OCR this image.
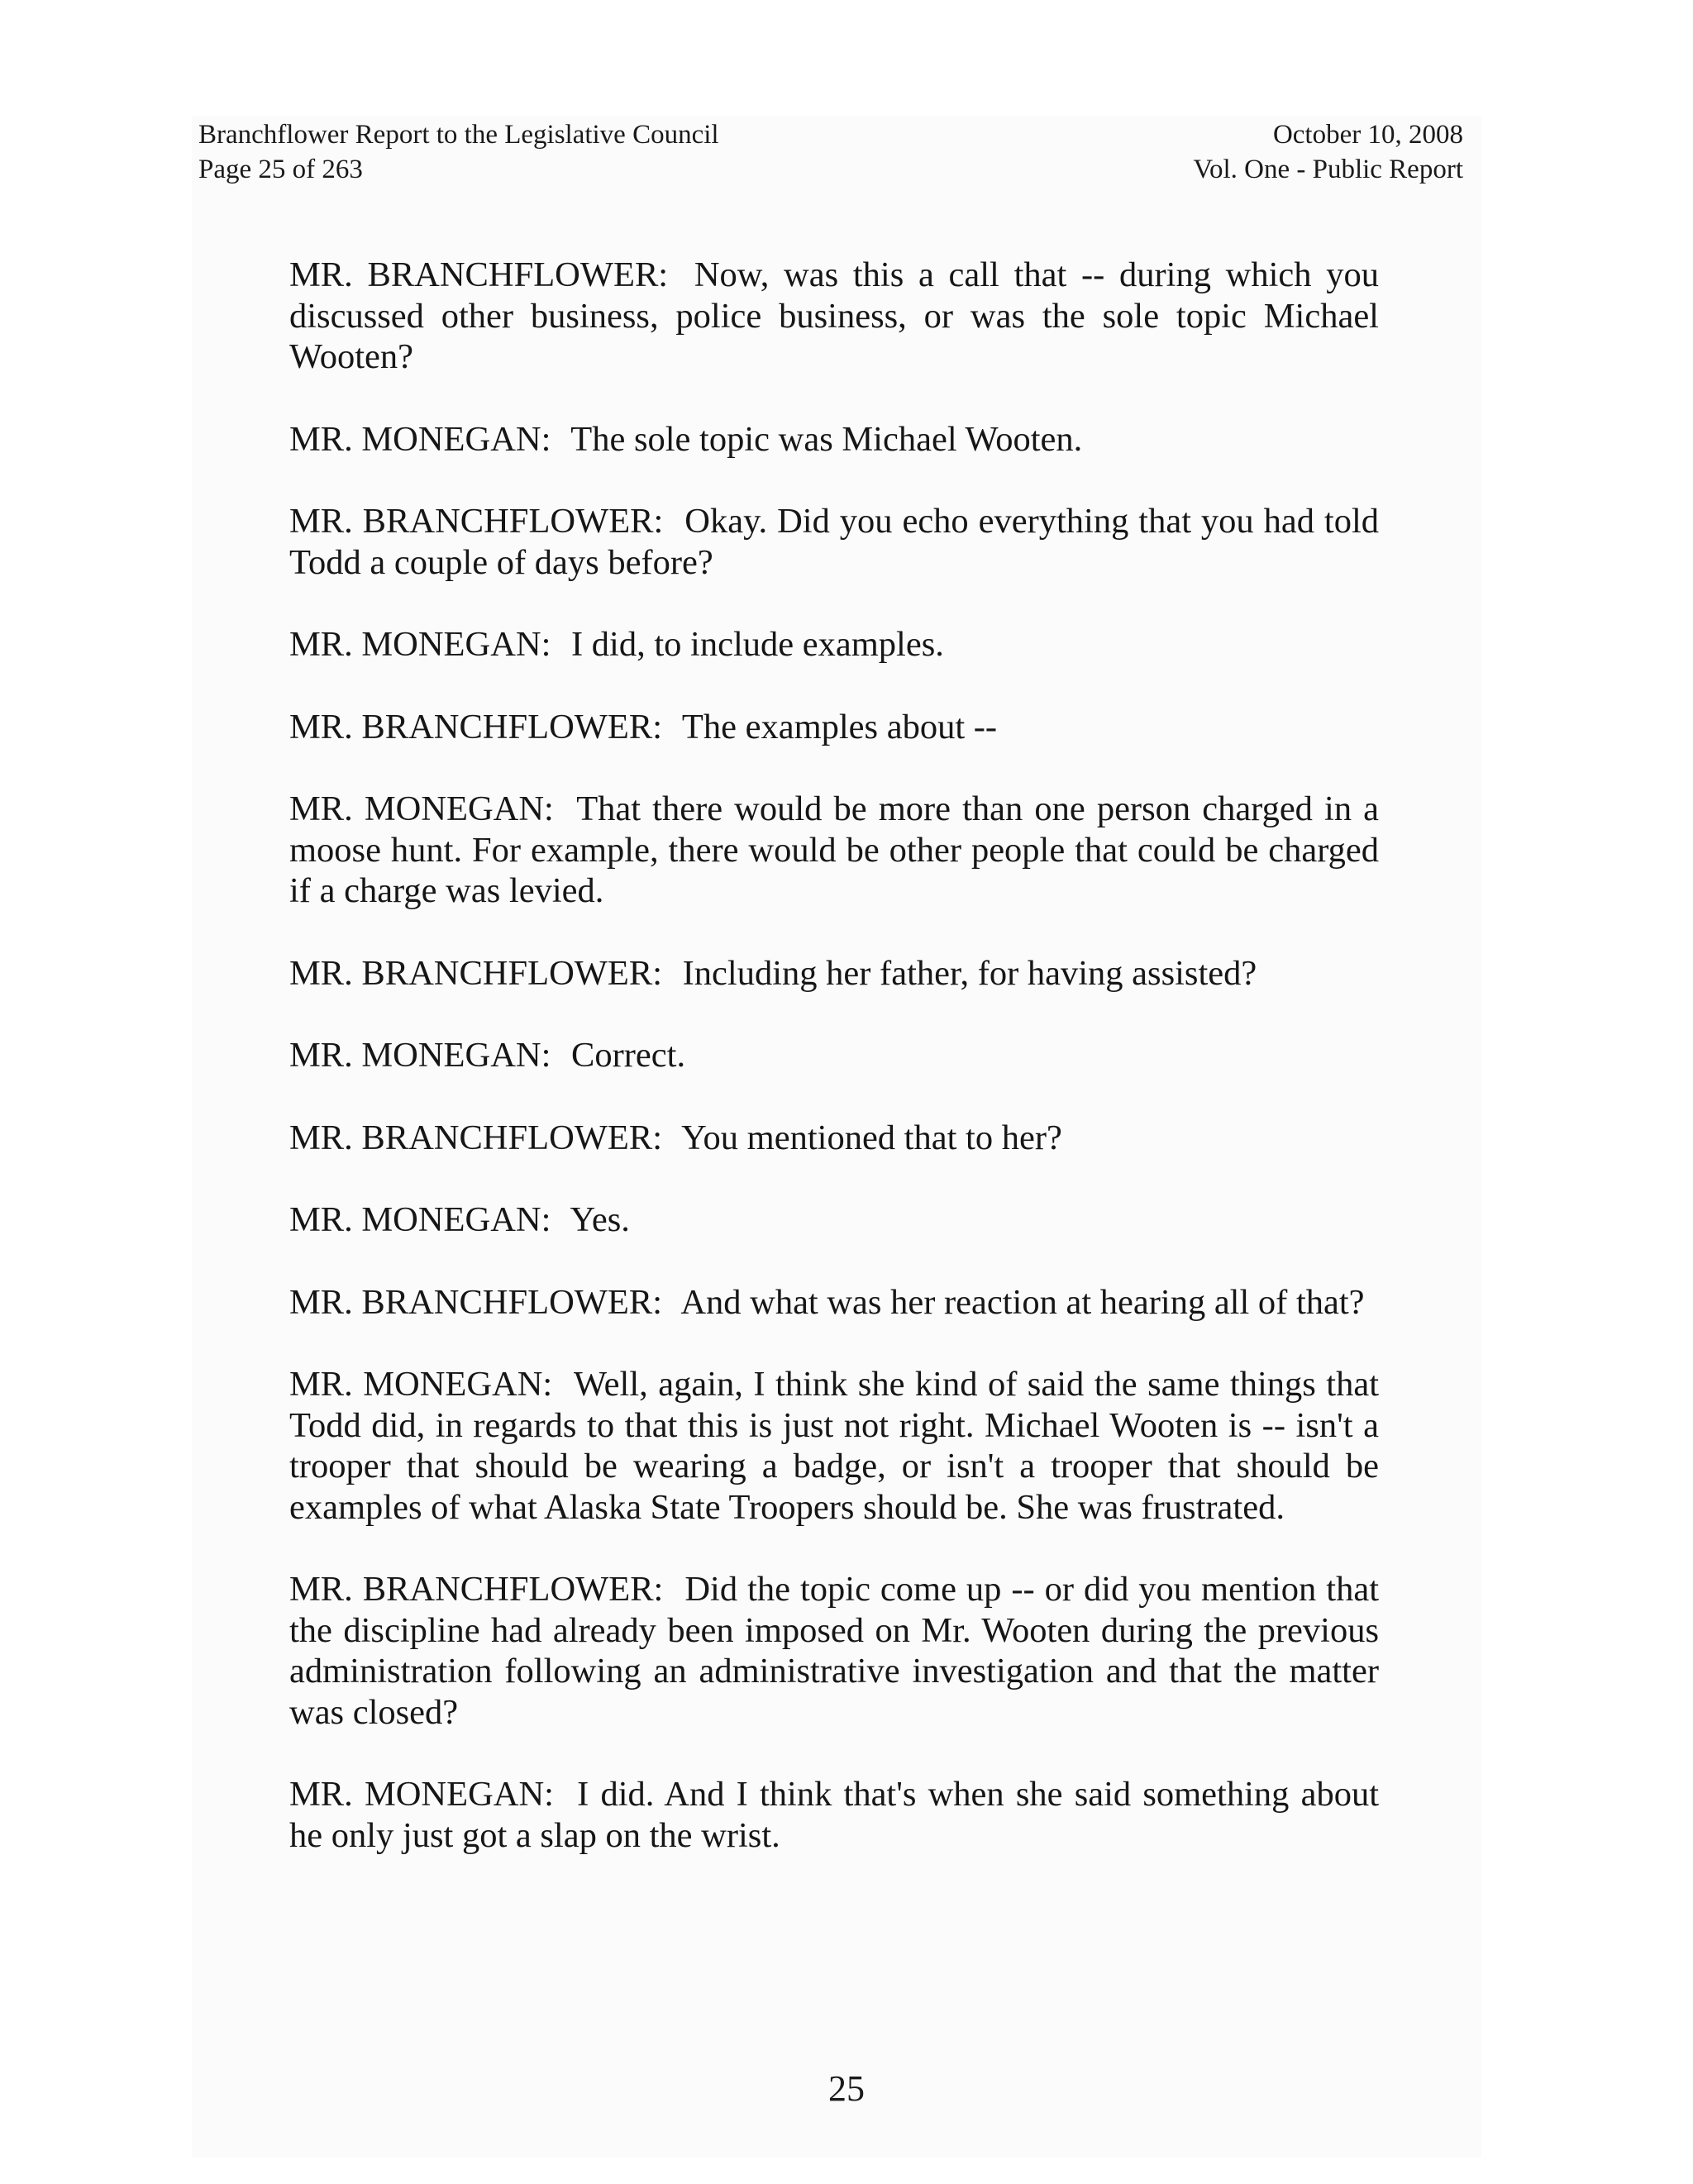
Branchflower Report to the Legislative Council
Page 25 of 263
October 10, 2008
Vol. One - Public Report

MR. BRANCHFLOWER: Now, was this a call that -- during which you discussed other business, police business, or was the sole topic Michael Wooten?

MR. MONEGAN: The sole topic was Michael Wooten.

MR. BRANCHFLOWER: Okay. Did you echo everything that you had told Todd a couple of days before?

MR. MONEGAN: I did, to include examples.

MR. BRANCHFLOWER: The examples about --

MR. MONEGAN: That there would be more than one person charged in a moose hunt. For example, there would be other people that could be charged if a charge was levied.

MR. BRANCHFLOWER: Including her father, for having assisted?

MR. MONEGAN: Correct.

MR. BRANCHFLOWER: You mentioned that to her?

MR. MONEGAN: Yes.

MR. BRANCHFLOWER: And what was her reaction at hearing all of that?

MR. MONEGAN: Well, again, I think she kind of said the same things that Todd did, in regards to that this is just not right. Michael Wooten is -- isn't a trooper that should be wearing a badge, or isn't a trooper that should be examples of what Alaska State Troopers should be. She was frustrated.

MR. BRANCHFLOWER: Did the topic come up -- or did you mention that the discipline had already been imposed on Mr. Wooten during the previous administration following an administrative investigation and that the matter was closed?

MR. MONEGAN: I did. And I think that's when she said something about he only just got a slap on the wrist.

25
